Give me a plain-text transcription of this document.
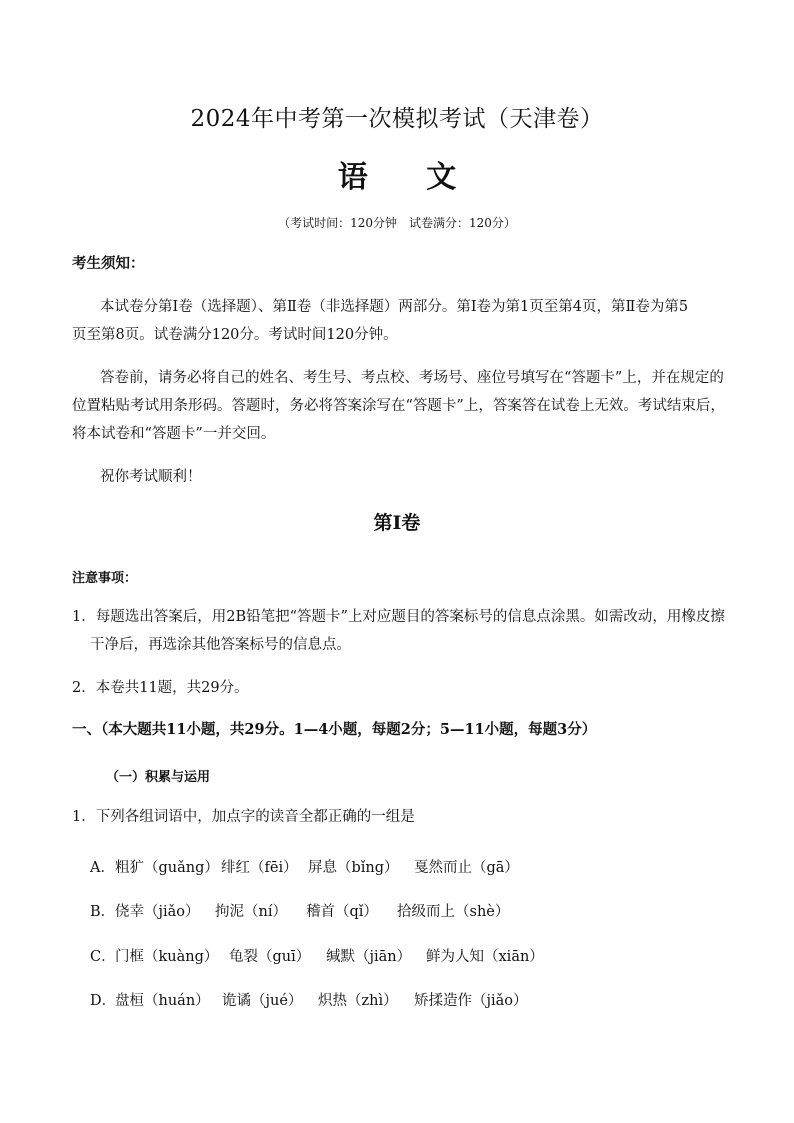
2024年中考第一次模拟考试（天津卷）
语 文
（考试时间：120分钟　试卷满分：120分）
考生须知：
本试卷分第Ⅰ卷（选择题）、第Ⅱ卷（非选择题）两部分。第Ⅰ卷为第1页至第4页，第Ⅱ卷为第5
页至第8页。试卷满分120分。考试时间120分钟。
答卷前，请务必将自己的姓名、考生号、考点校、考场号、座位号填写在“答题卡”上，并在规定的
位置粘贴考试用条形码。答题时，务必将答案涂写在“答题卡”上，答案答在试卷上无效。考试结束后，
将本试卷和“答题卡”一并交回。
祝你考试顺利！
第Ⅰ卷
注意事项：
1．每题选出答案后，用2B铅笔把“答题卡”上对应题目的答案标号的信息点涂黑。如需改动，用橡皮擦
干净后，再选涂其他答案标号的信息点。
2．本卷共11题，共29分。
一、（本大题共11小题，共29分。1—4小题，每题2分；5—11小题，每题3分）
（一）积累与运用
1．下列各组词语中，加点字的读音全都正确的一组是
A． 粗犷（guǎng） 绯红（fēi） 屏息（bǐng） 戛然而止（gā）
B． 侥幸（jiǎo） 拘泥（ní） 稽首（qǐ） 拾级而上（shè）
C． 门框（kuàng） 龟裂（guī） 缄默（jiān） 鲜为人知（xiān）
D．
盘桓（huán） 诡谲（jué） 炽热（zhì） 矫揉造作（jiǎo）
